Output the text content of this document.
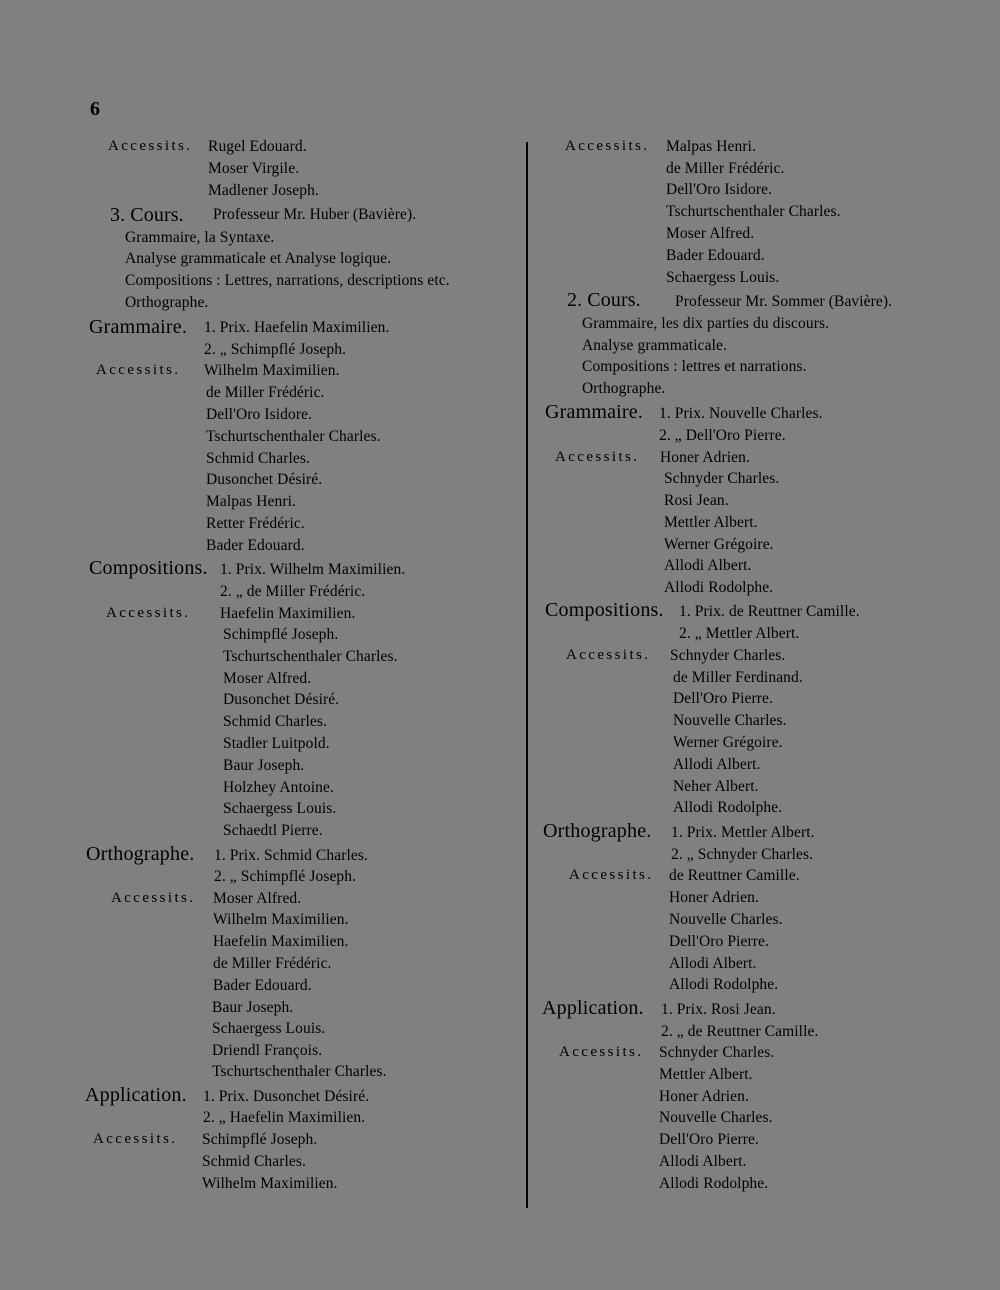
6
Accessits. Rugel Edouard.
Moser Virgile.
Madlener Joseph.
3. Cours. Professeur Mr. Huber (Bavière).
Grammaire, la Syntaxe.
Analyse grammaticale et Analyse logique.
Compositions : Lettres, narrations, descriptions etc.
Orthographe.
Grammaire. 1. Prix. Haefelin Maximilien.
2. „ Schimpflé Joseph.
Accessits. Wilhelm Maximilien.
de Miller Frédéric.
Dell'Oro Isidore.
Tschurtschenthaler Charles.
Schmid Charles.
Dusonchet Désiré.
Malpas Henri.
Retter Frédéric.
Bader Edouard.
Compositions. 1. Prix. Wilhelm Maximilien.
2. „ de Miller Frédéric.
Accessits. Haefelin Maximilien.
Schimpflé Joseph.
Tschurtschenthaler Charles.
Moser Alfred.
Dusonchet Désiré.
Schmid Charles.
Stadler Luitpold.
Baur Joseph.
Holzhey Antoine.
Schaergess Louis.
Schaedtl Pierre.
Orthographe. 1. Prix. Schmid Charles.
2. „ Schimpflé Joseph.
Accessits. Moser Alfred.
Wilhelm Maximilien.
Haefelin Maximilien.
de Miller Frédéric.
Bader Edouard.
Baur Joseph.
Schaergess Louis.
Driendl François.
Tschurtschenthaler Charles.
Application. 1. Prix. Dusonchet Désiré.
2. „ Haefelin Maximilien.
Accessits. Schimpflé Joseph.
Schmid Charles.
Wilhelm Maximilien.
Accessits. Malpas Henri.
de Miller Frédéric.
Dell'Oro Isidore.
Tschurtschenthaler Charles.
Moser Alfred.
Bader Edouard.
Schaergess Louis.
2. Cours. Professeur Mr. Sommer (Bavière).
Grammaire, les dix parties du discours.
Analyse grammaticale.
Compositions : lettres et narrations.
Orthographe.
Grammaire. 1. Prix. Nouvelle Charles.
2. „ Dell'Oro Pierre.
Accessits. Honer Adrien.
Schnyder Charles.
Rosi Jean.
Mettler Albert.
Werner Grégoire.
Allodi Albert.
Allodi Rodolphe.
Compositions. 1. Prix. de Reuttner Camille.
2. „ Mettler Albert.
Accessits. Schnyder Charles.
de Miller Ferdinand.
Dell'Oro Pierre.
Nouvelle Charles.
Werner Grégoire.
Allodi Albert.
Neher Albert.
Allodi Rodolphe.
Orthographe. 1. Prix. Mettler Albert.
2. „ Schnyder Charles.
Accessits. de Reuttner Camille.
Honer Adrien.
Nouvelle Charles.
Dell'Oro Pierre.
Allodi Albert.
Allodi Rodolphe.
Application. 1. Prix. Rosi Jean.
2. „ de Reuttner Camille.
Accessits. Schnyder Charles.
Mettler Albert.
Honer Adrien.
Nouvelle Charles.
Dell'Oro Pierre.
Allodi Albert.
Allodi Rodolphe.
